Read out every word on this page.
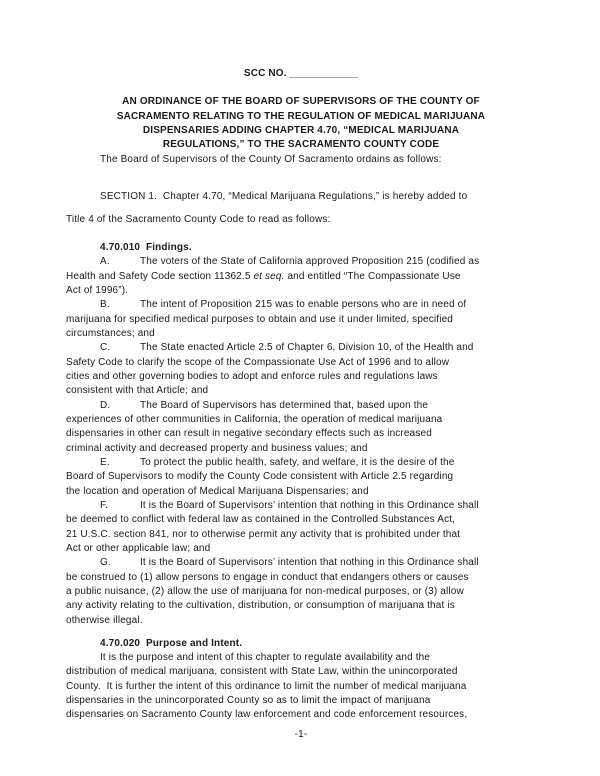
SCC NO. ____________
AN ORDINANCE OF THE BOARD OF SUPERVISORS OF THE COUNTY OF
SACRAMENTO RELATING TO THE REGULATION OF MEDICAL MARIJUANA
DISPENSARIES ADDING CHAPTER 4.70, “MEDICAL MARIJUANA
REGULATIONS,” TO THE SACRAMENTO COUNTY CODE
The Board of Supervisors of the County Of Sacramento ordains as follows:
SECTION 1.  Chapter 4.70, “Medical Marijuana Regulations,” is hereby added to
Title 4 of the Sacramento County Code to read as follows:
4.70.010  Findings.
A.	The voters of the State of California approved Proposition 215 (codified as
Health and Safety Code section 11362.5 et seq. and entitled “The Compassionate Use
Act of 1996”).
B.	The intent of Proposition 215 was to enable persons who are in need of
marijuana for specified medical purposes to obtain and use it under limited, specified
circumstances; and
C.	The State enacted Article 2.5 of Chapter 6, Division 10, of the Health and
Safety Code to clarify the scope of the Compassionate Use Act of 1996 and to allow
cities and other governing bodies to adopt and enforce rules and regulations laws
consistent with that Article; and
D.	The Board of Supervisors has determined that, based upon the
experiences of other communities in California, the operation of medical marijuana
dispensaries in other can result in negative secondary effects such as increased
criminal activity and decreased property and business values; and
E.	To protect the public health, safety, and welfare, it is the desire of the
Board of Supervisors to modify the County Code consistent with Article 2.5 regarding
the location and operation of Medical Marijuana Dispensaries; and
F.	It is the Board of Supervisors’ intention that nothing in this Ordinance shall
be deemed to conflict with federal law as contained in the Controlled Substances Act,
21 U.S.C. section 841, nor to otherwise permit any activity that is prohibited under that
Act or other applicable law; and
G.	It is the Board of Supervisors’ intention that nothing in this Ordinance shall
be construed to (1) allow persons to engage in conduct that endangers others or causes
a public nuisance, (2) allow the use of marijuana for non-medical purposes, or (3) allow
any activity relating to the cultivation, distribution, or consumption of marijuana that is
otherwise illegal.
4.70.020  Purpose and Intent.
It is the purpose and intent of this chapter to regulate availability and the
distribution of medical marijuana, consistent with State Law, within the unincorporated
County.  It is further the intent of this ordinance to limit the number of medical marijuana
dispensaries in the unincorporated County so as to limit the impact of marijuana
dispensaries on Sacramento County law enforcement and code enforcement resources,
-1-
